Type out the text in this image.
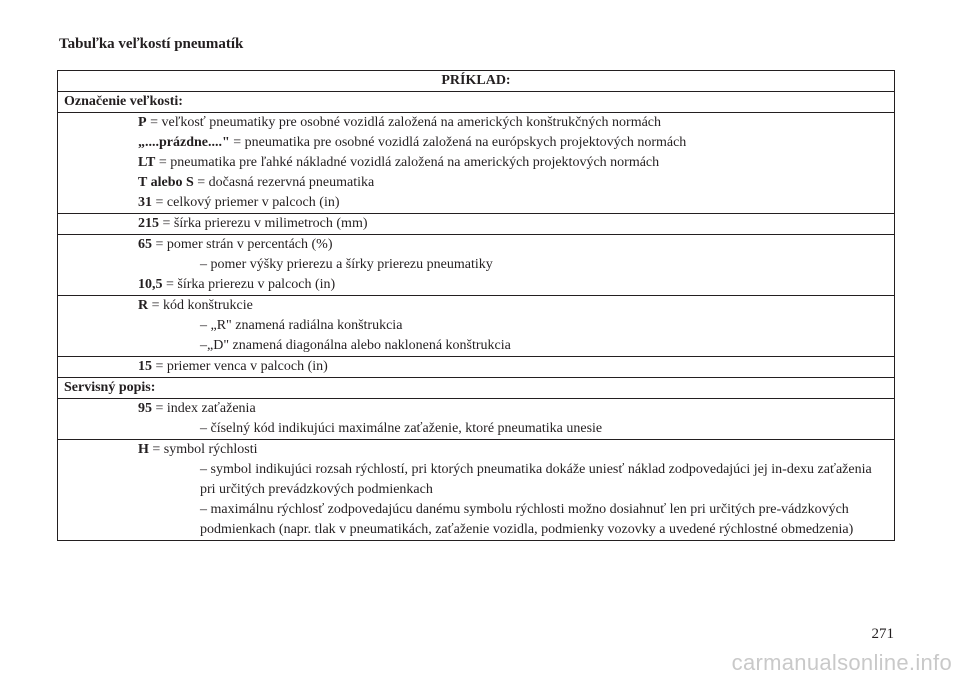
Tabuľka veľkostí pneumatík
PRÍKLAD:
Označenie veľkosti:
P = veľkosť pneumatiky pre osobné vozidlá založená na amerických konštrukčných normách
„....prázdne...." = pneumatika pre osobné vozidlá založená na európskych projektových normách
LT = pneumatika pre ľahké nákladné vozidlá založená na amerických projektových normách
T alebo S = dočasná rezervná pneumatika
31 = celkový priemer v palcoch (in)
215 = šírka prierezu v milimetroch (mm)
65 = pomer strán v percentách (%)
– pomer výšky prierezu a šírky prierezu pneumatiky
10,5 = šírka prierezu v palcoch (in)
R = kód konštrukcie
– „R" znamená radiálna konštrukcia
–„D" znamená diagonálna alebo naklonená konštrukcia
15 = priemer venca v palcoch (in)
Servisný popis:
95 = index zaťaženia
– číselný kód indikujúci maximálne zaťaženie, ktoré pneumatika unesie
H = symbol rýchlosti
– symbol indikujúci rozsah rýchlostí, pri ktorých pneumatika dokáže uniesť náklad zodpovedajúci jej in-dexu zaťaženia pri určitých prevádzkových podmienkach
– maximálnu rýchlosť zodpovedajúcu danému symbolu rýchlosti možno dosiahnuť len pri určitých pre-vádzkových podmienkach (napr. tlak v pneumatikách, zaťaženie vozidla, podmienky vozovky a uvedené rýchlostné obmedzenia)
271
carmanualsonline.info
